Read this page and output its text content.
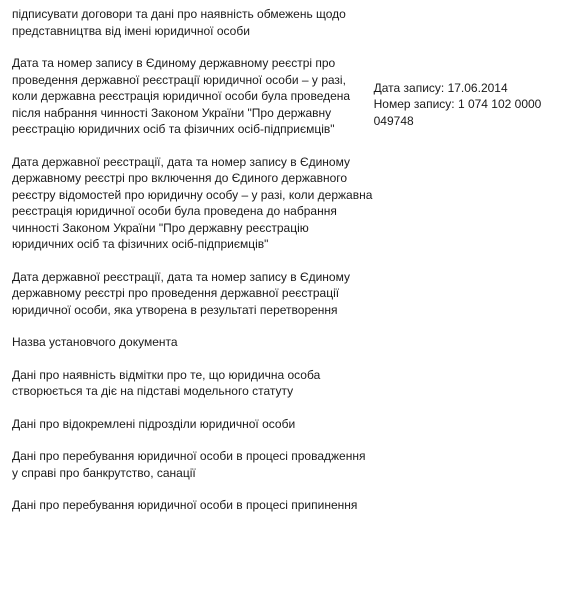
підписувати договори та дані про наявність обмежень щодо представництва від імені юридичної особи	

Дата та номер запису в Єдиному державному реєстрі про проведення державної реєстрації юридичної особи – у разі, коли державна реєстрація юридичної особи була проведена після набрання чинності Законом України "Про державну реєстрацію юридичних осіб та фізичних осіб-підприємців"	Дата запису: 17.06.2014
Номер запису: 1 074 102 0000 049748

Дата державної реєстрації, дата та номер запису в Єдиному державному реєстрі про включення до Єдиного державного реєстру відомостей про юридичну особу – у разі, коли державна реєстрація юридичної особи була проведена до набрання чинності Законом України "Про державну реєстрацію юридичних осіб та фізичних осіб-підприємців"	

Дата державної реєстрації, дата та номер запису в Єдиному державному реєстрі про проведення державної реєстрації юридичної особи, яка утворена в результаті перетворення	

Назва установчого документа	

Дані про наявність відмітки про те, що юридична особа створюється та діє на підставі модельного статуту	

Дані про відокремлені підрозділи юридичної особи	

Дані про перебування юридичної особи в процесі провадження у справі про банкрутство, санації	

Дані про перебування юридичної особи в процесі припинення	
